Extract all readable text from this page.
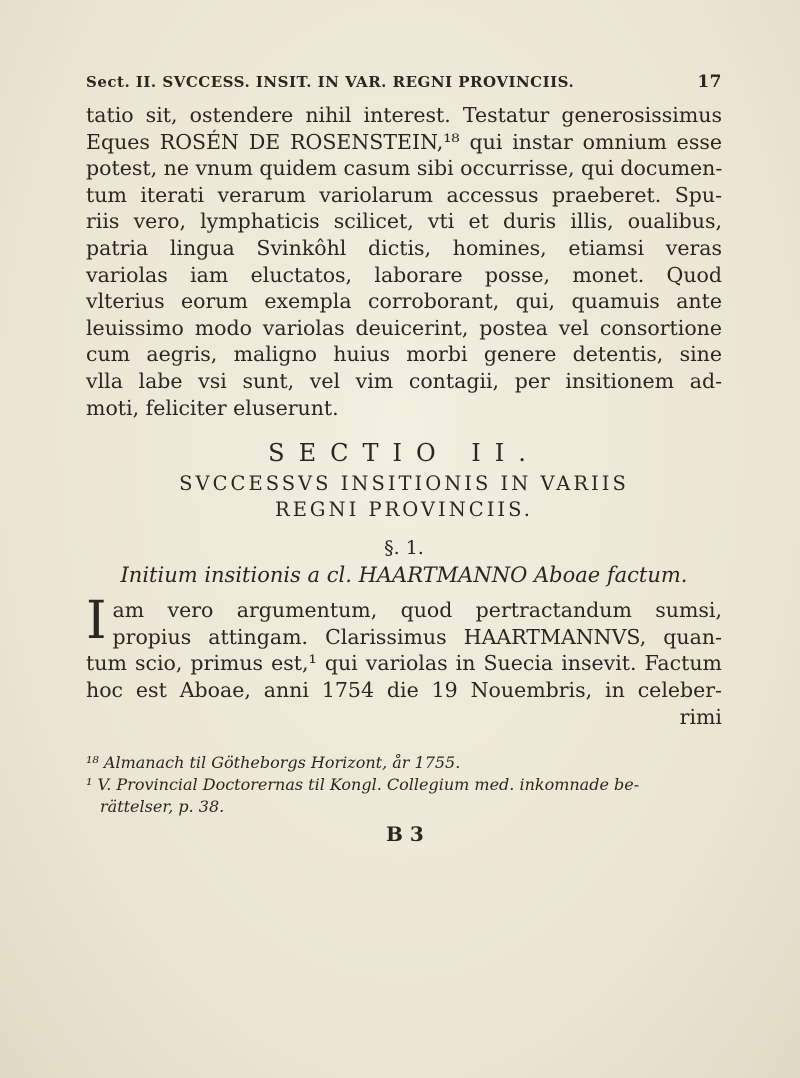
Sect. II. SVCCESS. INSIT. IN VAR. REGNI PROVINCIIS.	17

tatio sit, ostendere nihil interest. Testatur generosissimus
Eques ROSÉN DE ROSENSTEIN,¹⁸ qui instar omnium esse
potest, ne vnum quidem casum sibi occurrisse, qui documen-
tum iterati verarum variolarum accessus praeberet. Spu-
riis vero, lymphaticis scilicet, vti et duris illis, oualibus,
patria lingua Svinkôhl dictis, homines, etiamsi veras
variolas iam eluctatos, laborare posse, monet. Quod
vlterius eorum exempla corroborant, qui, quamuis ante
leuissimo modo variolas deuicerint, postea vel consortione
cum aegris, maligno huius morbi genere detentis, sine
vlla labe vsi sunt, vel vim contagii, per insitionem ad-
moti, feliciter eluserunt.

SECTIO II.
SVCCESSVS INSITIONIS IN VARIIS
REGNI PROVINCIIS.
§. 1.
Initium insitionis a cl. HAARTMANNO Aboae factum.

I am vero argumentum, quod pertractandum sumsi,
propius attingam. Clarissimus HAARTMANNVS, quan-
tum scio, primus est,¹ qui variolas in Suecia insevit. Factum
hoc est Aboae, anni 1754 die 19 Nouembris, in celeber-
rimi

¹⁸ Almanach til Götheborgs Horizont, år 1755.
¹ V. Provincial Doctorernas til Kongl. Collegium med. inkomnade be-
rättelser, p. 38.
B 3
